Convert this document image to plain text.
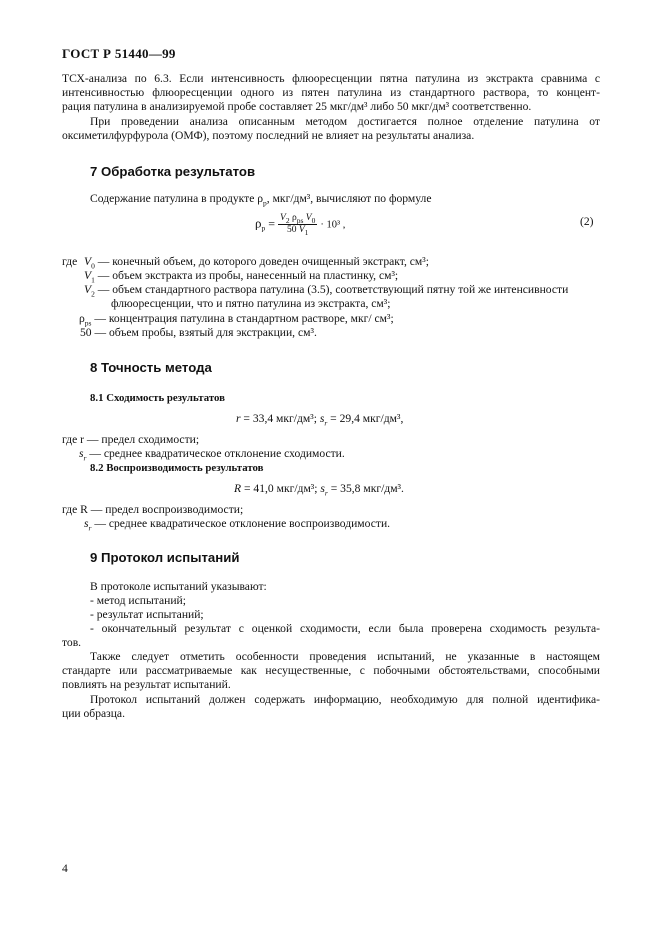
ГОСТ Р 51440—99
ТСХ-анализа по 6.3. Если интенсивность флюоресценции пятна патулина из экстракта сравнима с
интенсивностью флюоресценции одного из пятен патулина из стандартного раствора, то концент-
рация патулина в анализируемой пробе составляет 25 мкг/дм³ либо 50 мкг/дм³ соответственно.
При проведении анализа описанным методом достигается полное отделение патулина от
оксиметилфурфурола (ОМФ), поэтому последний не влияет на результаты анализа.
7 Обработка результатов
Содержание патулина в продукте $\rho_р$, мкг/дм³, вычисляют по формуле
$\rho_р = \frac{V_2 \rho_{ps} V_0}{50 V_1} \cdot 10^3$ ,	(2)
где $V_0$ — конечный объем, до которого доведен очищенный экстракт, см³;
$V_1$ — объем экстракта из пробы, нанесенный на пластинку, см³;
$V_2$ — объем стандартного раствора патулина (3.5), соответствующий пятну той же интенсивности
флюоресценции, что и пятно патулина из экстракта, см³;
$\rho_{ps}$ — концентрация патулина в стандартном растворе, мкг/ см³;
50 — объем пробы, взятый для экстракции, см³.
8 Точность метода
8.1 Сходимость результатов
r = 33,4 мкг/дм³; $s_r = 29,4$ мкг/дм³,
где r — предел сходимости;
$s_r$ — среднее квадратическое отклонение сходимости.
8.2 Воспроизводимость результатов
R = 41,0 мкг/дм³; $s_r = 35,8$ мкг/дм³.
где R — предел воспроизводимости;
$s_r$ — среднее квадратическое отклонение воспроизводимости.
9 Протокол испытаний
В протоколе испытаний указывают:
- метод испытаний;
- результат испытаний;
- окончательный результат с оценкой сходимости, если была проверена сходимость результа-
тов.
Также следует отметить особенности проведения испытаний, не указанные в настоящем
стандарте или рассматриваемые как несущественные, с побочными обстоятельствами, способными
повлиять на результат испытаний.
Протокол испытаний должен содержать информацию, необходимую для полной идентифика-
ции образца.
4
